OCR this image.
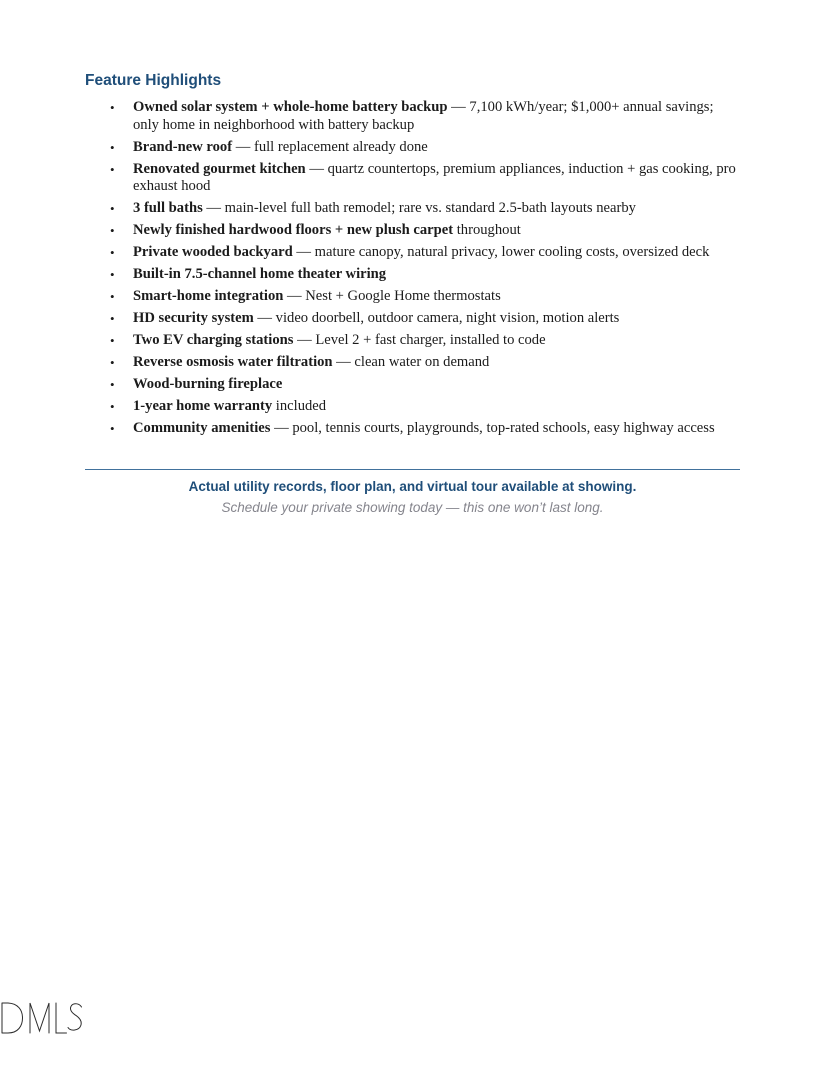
Feature Highlights
• Owned solar system + whole-home battery backup — 7,100 kWh/year; $1,000+ annual savings; only home in neighborhood with battery backup
• Brand-new roof — full replacement already done
• Renovated gourmet kitchen — quartz countertops, premium appliances, induction + gas cooking, pro exhaust hood
• 3 full baths — main-level full bath remodel; rare vs. standard 2.5-bath layouts nearby
• Newly finished hardwood floors + new plush carpet throughout
• Private wooded backyard — mature canopy, natural privacy, lower cooling costs, oversized deck
• Built-in 7.5-channel home theater wiring
• Smart-home integration — Nest + Google Home thermostats
• HD security system — video doorbell, outdoor camera, night vision, motion alerts
• Two EV charging stations — Level 2 + fast charger, installed to code
• Reverse osmosis water filtration — clean water on demand
• Wood-burning fireplace
• 1-year home warranty included
• Community amenities — pool, tennis courts, playgrounds, top-rated schools, easy highway access
Actual utility records, floor plan, and virtual tour available at showing.
Schedule your private showing today — this one won’t last long.
